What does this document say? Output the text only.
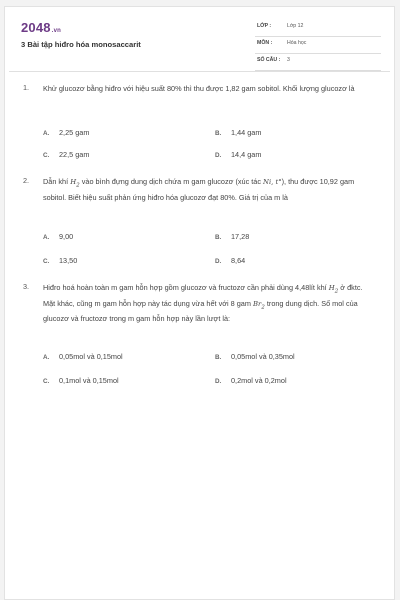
2048.vn
3 Bài tập hiđro hóa monosaccarit
LỚP :	Lớp 12
MÔN :	Hóa học
SỐ CÂU : 3
1. Khử glucozơ bằng hiđro với hiệu suất 80% thì thu được 1,82 gam sobitol. Khối lượng glucozơ là
A. 2,25 gam	B. 1,44 gam
C. 22,5 gam	D. 14,4 gam
2. Dẫn khí $H_2$ vào bình đựng dung dịch chứa m gam glucozơ (xúc tác Ni, t°), thu được 10,92 gam sobitol. Biết hiệu suất phản ứng hiđro hóa glucozơ đạt 80%. Giá trị của m là
A. 9,00	B. 17,28
C. 13,50	D. 8,64
3. Hiđro hoá hoàn toàn m gam hỗn hợp gồm glucozơ và fructozơ cần phải dùng 4,48lít khí $H_2$ ở đktc. Mặt khác, cũng m gam hỗn hợp này tác dụng vừa hết với 8 gam $Br_2$ trong dung dịch. Số mol của glucozơ và fructozơ trong m gam hỗn hợp này lần lượt là:
A. 0,05mol và 0,15mol	B. 0,05mol và 0,35mol
C. 0,1mol và 0,15mol	D. 0,2mol và 0,2mol
